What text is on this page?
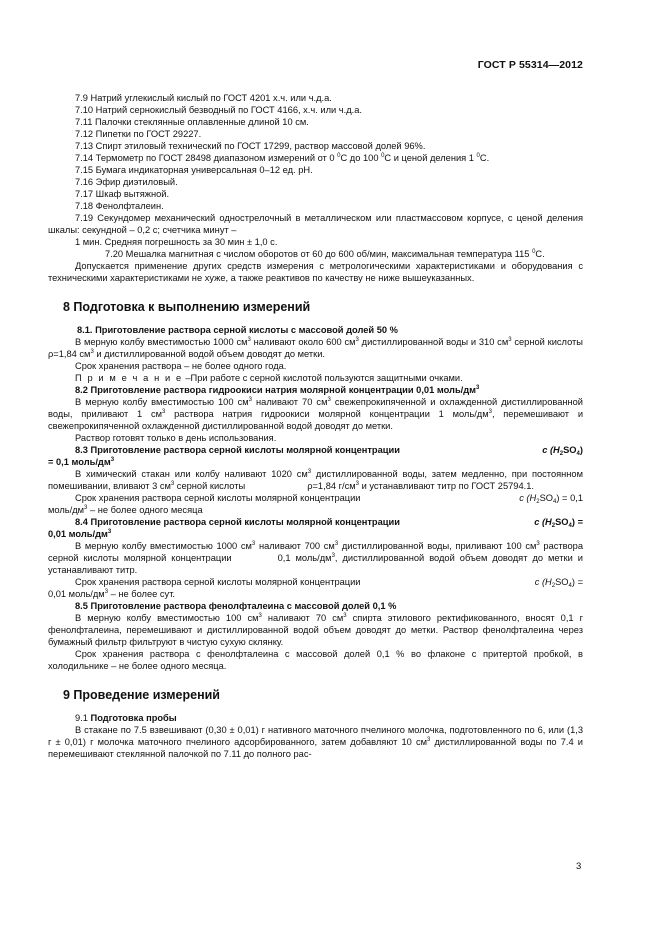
ГОСТ Р 55314—2012

7.9 Натрий углекислый кислый по ГОСТ 4201 х.ч. или ч.д.а.

7.10 Натрий сернокислый безводный по ГОСТ 4166, х.ч. или ч.д.а.

7.11 Палочки стеклянные оплавленные длиной 10 см.

7.12 Пипетки по ГОСТ 29227.

7.13 Спирт этиловый технический по ГОСТ 17299, раствор массовой долей 96%.

7.14 Термометр по ГОСТ 28498 диапазоном измерений от 0 $^0$С до 100 $^0$С и ценой деления 1 $^0$С.

7.15 Бумага индикаторная универсальная 0–12 ед. pH.

7.16 Эфир диэтиловый.

7.17 Шкаф вытяжной.

7.18 Фенолфталеин.

7.19 Секундомер механический однострелочный в металлическом или пластмассовом корпусе, с ценой деления шкалы: секундной – 0,2 с; счетчика минут –

1 мин. Средняя погрешность за 30 мин ± 1,0 с.

7.20 Мешалка магнитная с числом оборотов от 60 до 600 об/мин, максимальная температура 115 $^0$С.

Допускается применение других средств измерения с метрологическими характеристиками и оборудования с техническими характеристиками не хуже, а также реактивов по качеству не ниже вышеуказанных.

8 Подготовка к выполнению измерений

8.1. Приготовление раствора серной кислоты с массовой долей 50 %

В мерную колбу вместимостью 1000 $см^3$ наливают около 600 $см^3$ дистиллированной воды и 310 $см^3$ серной кислоты ρ=1,84 $см^3$ и дистиллированной водой объем доводят до метки.

Срок хранения раствора – не более одного года.

П р и м е ч а н и е –При работе с серной кислотой пользуются защитными очками.

8.2 Приготовление раствора гидроокиси натрия молярной концентрации 0,01 моль/$дм^3$

В мерную колбу вместимостью 100 $см^3$ наливают 70 $см^3$ свежепрокипяченной и охлажденной дистиллированной воды, приливают 1 $см^3$ раствора натрия гидроокиси молярной концентрации 1 моль/$дм^3$, перемешивают и свежепрокипяченной охлажденной дистиллированной водой доводят до метки.

Раствор готовят только в день использования.

8.3 Приготовление раствора серной кислоты молярной концентрации	с $(Н_2SO_4)$

= 0,1 моль/$дм^3$

В химический стакан или колбу наливают 1020 $см^3$ дистиллированной воды, затем медленно, при постоянном помешивании, вливают 3 $см^3$ серной кислоты	ρ=1,84 $г/см^3$ и устанавливают титр по ГОСТ 25794.1.

Срок хранения раствора серной кислоты молярной концентрации	с $(Н_2SO_4) = 0,1$

моль/$дм^3$ – не более одного месяца

8.4 Приготовление раствора серной кислоты молярной концентрации	с $(Н_2SO_4)$ =

0,01 моль/$дм^3$

В мерную колбу вместимостью 1000 $см^3$ наливают 700 $см^3$ дистиллированной воды, приливают 100 $см^3$ раствора серной кислоты молярной концентрации	0,1 моль/$дм^3$, дистиллированной водой объем доводят до метки и устанавливают титр.

Срок хранения раствора серной кислоты молярной концентрации	с $(Н_2SO_4)$ =

0,01 моль/$дм^3$ – не более сут.

8.5 Приготовление раствора фенолфталеина с массовой долей 0,1 %

В мерную колбу вместимостью 100 $см^3$ наливают 70 $см^3$ спирта этилового ректификованного, вносят 0,1 г фенолфталеина, перемешивают и дистиллированной водой объем доводят до метки. Раствор фенолфталеина через бумажный фильтр фильтруют в чистую сухую склянку.

Срок хранения раствора с фенолфталеина с массовой долей 0,1 % во флаконе с притертой пробкой, в холодильнике – не более одного месяца.

9 Проведение измерений

9.1 Подготовка пробы

В стакане по 7.5 взвешивают (0,30 ± 0,01) г нативного маточного пчелиного молочка, подготовленного по 6, или (1,3 г ± 0,01) г молочка маточного пчелиного адсорбированного, затем добавляют 10 $см^3$ дистиллированной воды по 7.4 и перемешивают стеклянной палочкой по 7.11 до полного рас-

3
